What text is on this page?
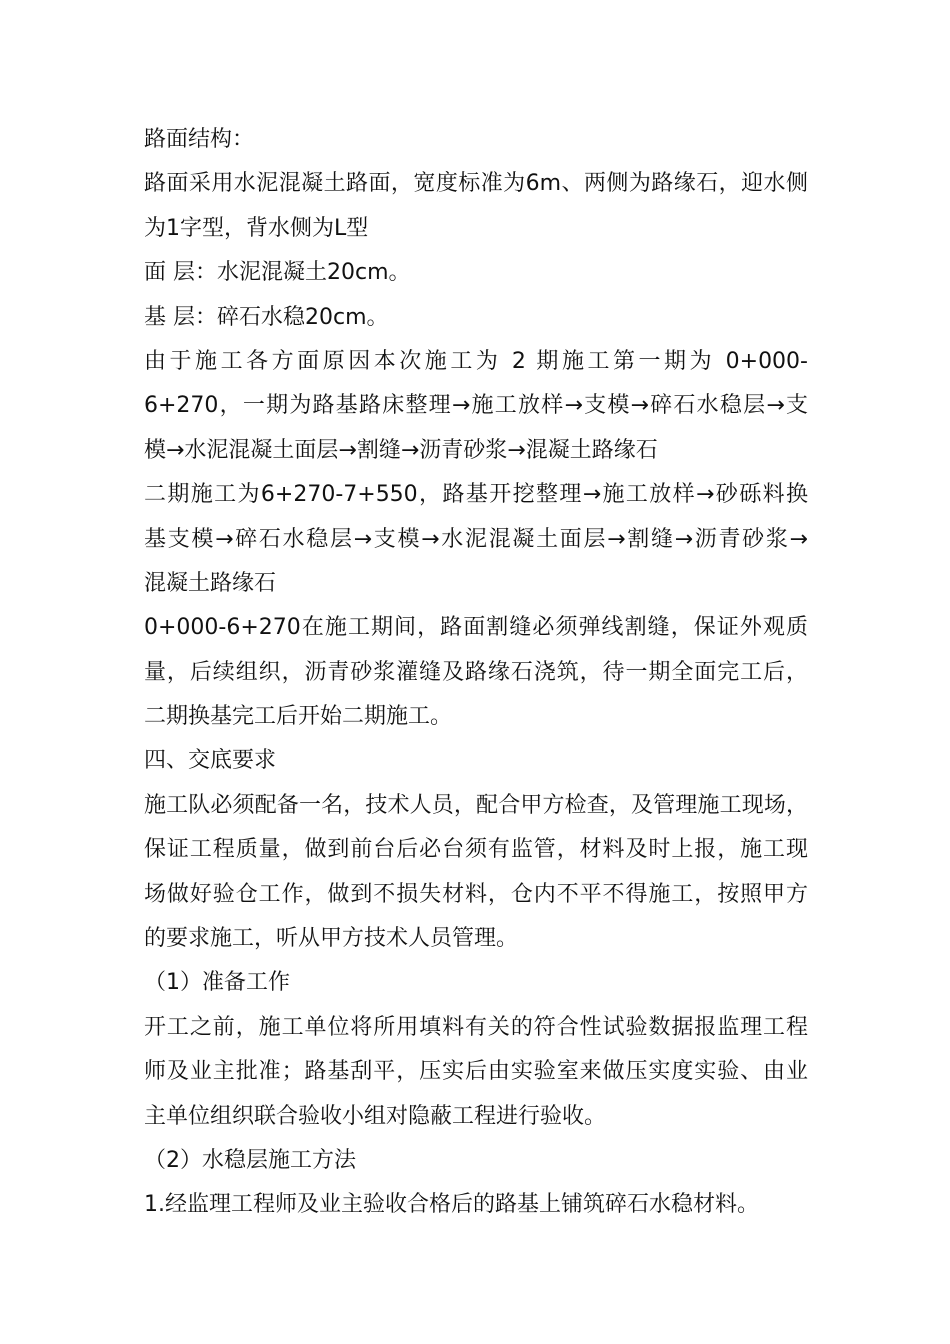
路面结构：
路面采用水泥混凝土路面，宽度标准为6m、两侧为路缘石，迎水侧
为1字型，背水侧为L型
面 层：水泥混凝土20cm。
基 层：碎石水稳20cm。
由于施工各方面原因本次施工为 2 期施工第一期为 0+000-
6+270，一期为路基路床整理→施工放样→支模→碎石水稳层→支
模→水泥混凝土面层→割缝→沥青砂浆→混凝土路缘石
二期施工为6+270-7+550，路基开挖整理→施工放样→砂砾料换
基支模→碎石水稳层→支模→水泥混凝土面层→割缝→沥青砂浆→
混凝土路缘石
0+000-6+270在施工期间，路面割缝必须弹线割缝，保证外观质
量，后续组织，沥青砂浆灌缝及路缘石浇筑，待一期全面完工后，
二期换基完工后开始二期施工。
四、交底要求
施工队必须配备一名，技术人员，配合甲方检查，及管理施工现场，
保证工程质量，做到前台后必台须有监管，材料及时上报，施工现
场做好验仓工作，做到不损失材料，仓内不平不得施工，按照甲方
的要求施工，听从甲方技术人员管理。
（1）准备工作
开工之前，施工单位将所用填料有关的符合性试验数据报监理工程
师及业主批准；路基刮平，压实后由实验室来做压实度实验、由业
主单位组织联合验收小组对隐蔽工程进行验收。
（2）水稳层施工方法
1.经监理工程师及业主验收合格后的路基上铺筑碎石水稳材料。
